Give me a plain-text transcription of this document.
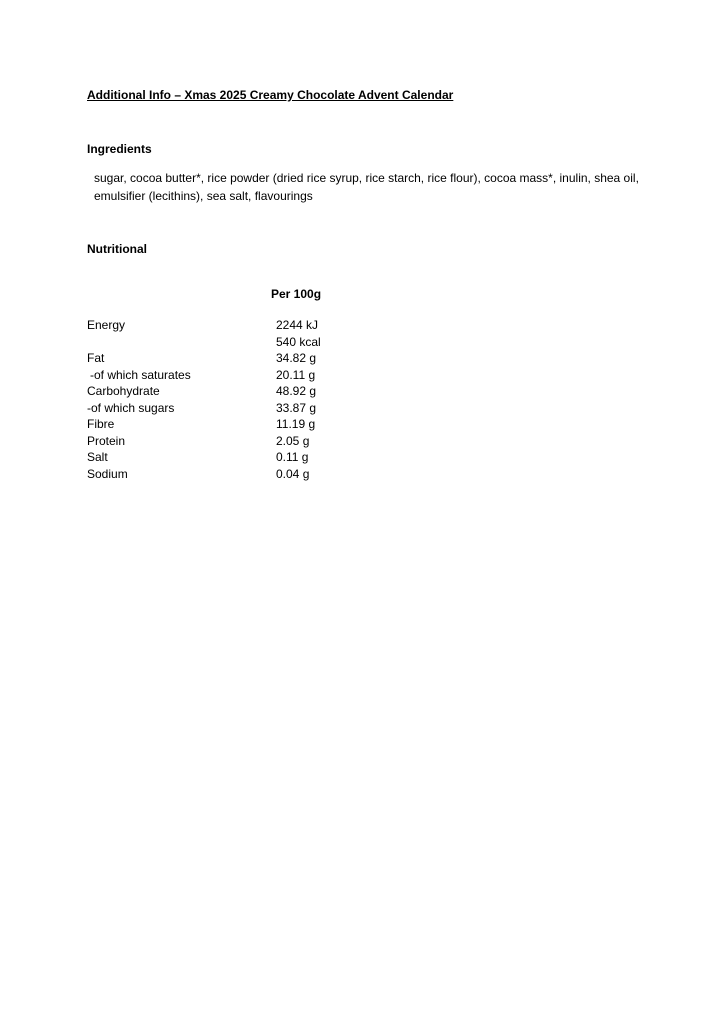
Additional Info – Xmas 2025 Creamy Chocolate Advent Calendar
Ingredients
sugar, cocoa butter*, rice powder (dried rice syrup, rice starch, rice flour), cocoa mass*, inulin, shea oil, emulsifier (lecithins), sea salt, flavourings
Nutritional
Per 100g
Energy	2244 kJ
540 kcal
Fat	34.82 g
-of which saturates	20.11 g
Carbohydrate	48.92 g
-of which sugars	33.87 g
Fibre	11.19 g
Protein	2.05 g
Salt	0.11 g
Sodium	0.04 g
